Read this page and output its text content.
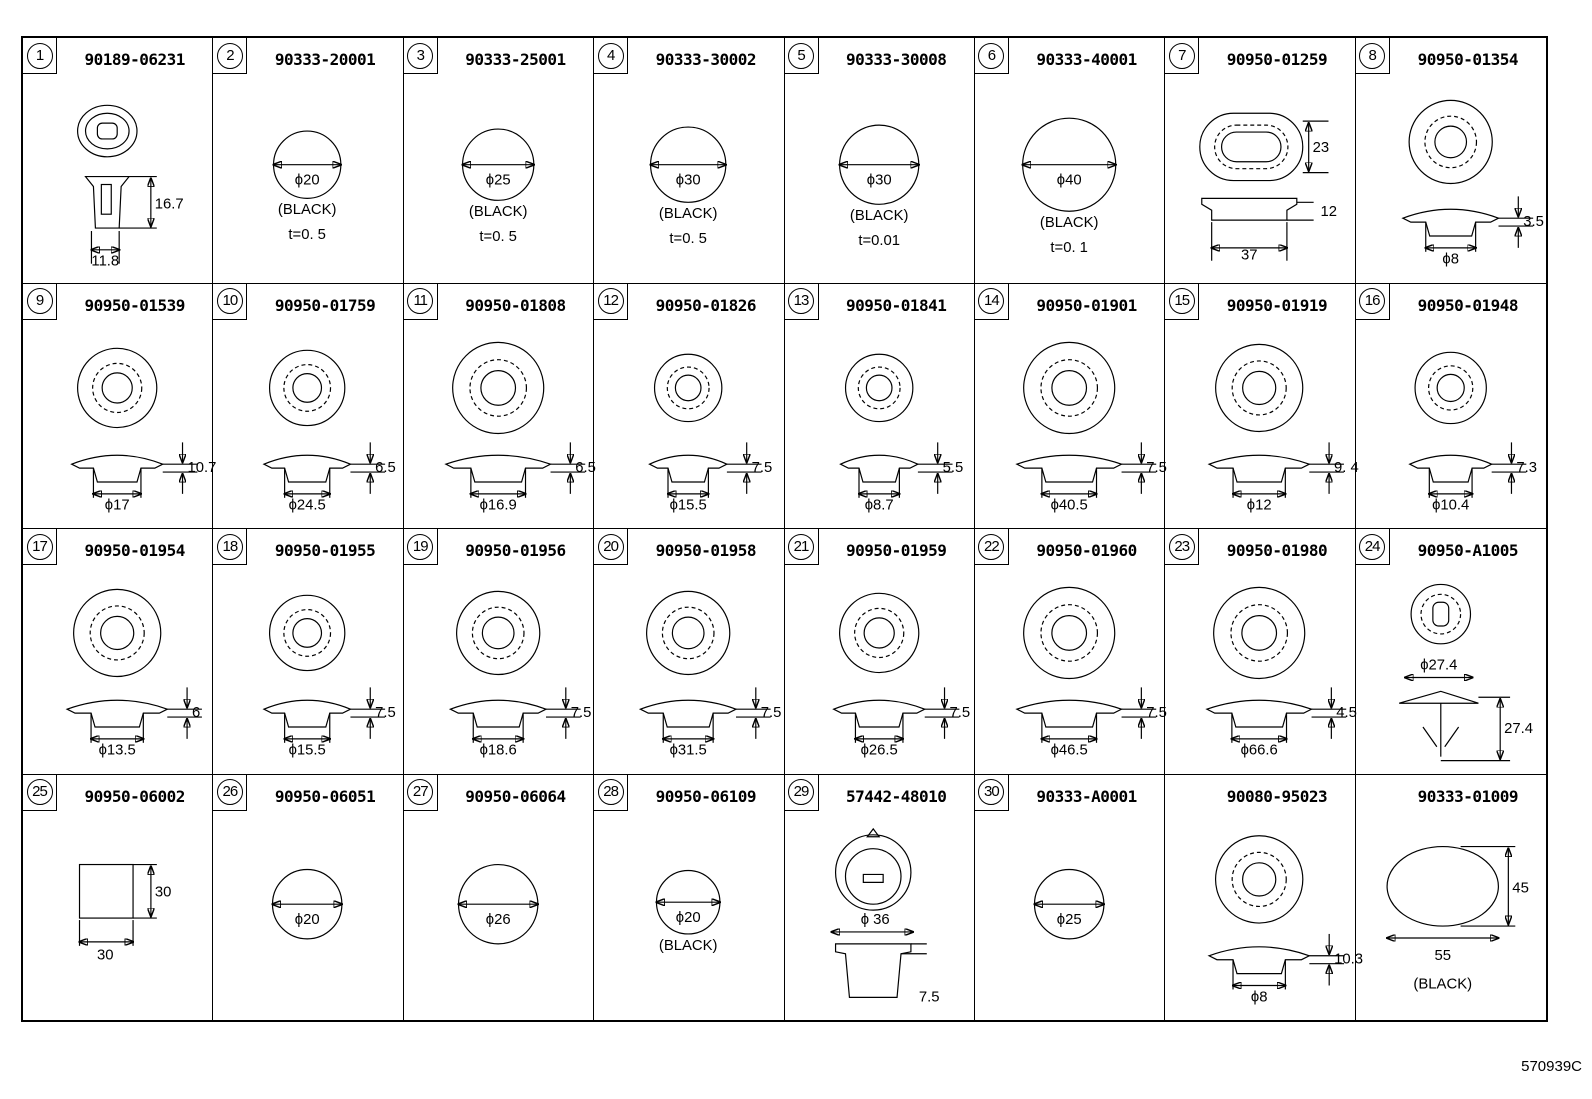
16.7
11.8
1	90189-06231
ϕ20
(BLACK)
t=0. 5
2	90333-20001
ϕ25
(BLACK)
t=0. 5
3	90333-25001
ϕ30
(BLACK)
t=0. 5
4	90333-30002
ϕ30
(BLACK)
t=0.01
5	90333-30008
ϕ40
(BLACK)
t=0. 1
6	90333-40001
23
12
37
7	90950-01259
3.5
ϕ8
8	90950-01354
10.7
ϕ17
9	90950-01539
6.5
ϕ24.5
10	90950-01759
6.5
ϕ16.9
11	90950-01808
7.5
ϕ15.5
12	90950-01826
5.5
ϕ8.7
13	90950-01841
7.5
ϕ40.5
14	90950-01901
9. 4
ϕ12
15	90950-01919
7.3
ϕ10.4
16	90950-01948
6
ϕ13.5
17	90950-01954
7.5
ϕ15.5
18	90950-01955
7.5
ϕ18.6
19	90950-01956
7.5
ϕ31.5
20	90950-01958
7.5
ϕ26.5
21	90950-01959
7.5
ϕ46.5
22	90950-01960
4.5
ϕ66.6
23	90950-01980
ϕ27.4
27.4
24	90950-A1005
30
30
25	90950-06002
ϕ20
26	90950-06051
ϕ26
27	90950-06064
ϕ20
(BLACK)
28	90950-06109
ϕ 36
7.5
29	57442-48010
ϕ25
30	90333-A0001
10.3
ϕ8
90080-95023
45
55
(BLACK)
90333-01009
570939C
